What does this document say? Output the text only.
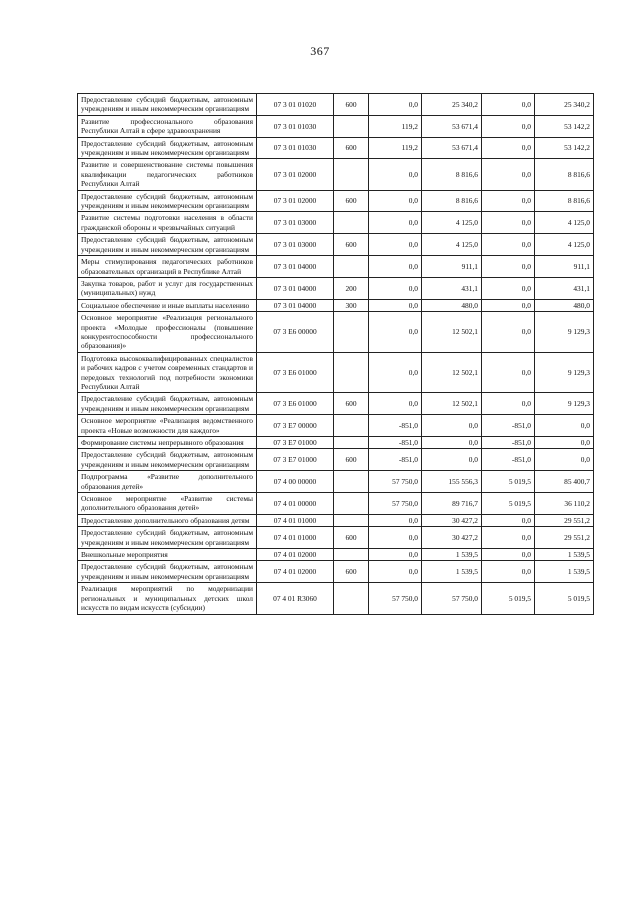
367
Предоставление субсидий бюджетным, автономным учреждениям и иным некоммерческим организациям	07 3 01 01020	600	0,0	25 340,2	0,0	25 340,2
Развитие профессионального образования Республики Алтай в сфере здравоохранения	07 3 01 01030		119,2	53 671,4	0,0	53 142,2
Предоставление субсидий бюджетным, автономным учреждениям и иным некоммерческим организациям	07 3 01 01030	600	119,2	53 671,4	0,0	53 142,2
Развитие и совершенствование системы повышения квалификации педагогических работников Республики Алтай	07 3 01 02000		0,0	8 816,6	0,0	8 816,6
Предоставление субсидий бюджетным, автономным учреждениям и иным некоммерческим организациям	07 3 01 02000	600	0,0	8 816,6	0,0	8 816,6
Развитие системы подготовки населения в области гражданской обороны и чрезвычайных ситуаций	07 3 01 03000		0,0	4 125,0	0,0	4 125,0
Предоставление субсидий бюджетным, автономным учреждениям и иным некоммерческим организациям	07 3 01 03000	600	0,0	4 125,0	0,0	4 125,0
Меры стимулирования педагогических работников образовательных организаций в Республике Алтай	07 3 01 04000		0,0	911,1	0,0	911,1
Закупка товаров, работ и услуг для государственных (муниципальных) нужд	07 3 01 04000	200	0,0	431,1	0,0	431,1
Социальное обеспечение и иные выплаты населению	07 3 01 04000	300	0,0	480,0	0,0	480,0
Основное мероприятие «Реализация регионального проекта «Молодые профессионалы (повышение конкурентоспособности профессионального образования)»	07 3 E6 00000		0,0	12 502,1	0,0	9 129,3
Подготовка высококвалифицированных специалистов и рабочих кадров с учетом современных стандартов и передовых технологий под потребности экономики Республики Алтай	07 3 E6 01000		0,0	12 502,1	0,0	9 129,3
Предоставление субсидий бюджетным, автономным учреждениям и иным некоммерческим организациям	07 3 E6 01000	600	0,0	12 502,1	0,0	9 129,3
Основное мероприятие «Реализация ведомственного проекта «Новые возможности для каждого»	07 3 E7 00000		-851,0	0,0	-851,0	0,0
Формирование системы непрерывного образования	07 3 E7 01000		-851,0	0,0	-851,0	0,0
Предоставление субсидий бюджетным, автономным учреждениям и иным некоммерческим организациям	07 3 E7 01000	600	-851,0	0,0	-851,0	0,0
Подпрограмма «Развитие дополнительного образования детей»	07 4 00 00000		57 750,0	155 556,3	5 019,5	85 400,7
Основное мероприятие «Развитие системы дополнительного образования детей»	07 4 01 00000		57 750,0	89 716,7	5 019,5	36 110,2
Предоставление дополнительного образования детям	07 4 01 01000		0,0	30 427,2	0,0	29 551,2
Предоставление субсидий бюджетным, автономным учреждениям и иным некоммерческим организациям	07 4 01 01000	600	0,0	30 427,2	0,0	29 551,2
Внешкольные мероприятия	07 4 01 02000		0,0	1 539,5	0,0	1 539,5
Предоставление субсидий бюджетным, автономным учреждениям и иным некоммерческим организациям	07 4 01 02000	600	0,0	1 539,5	0,0	1 539,5
Реализация мероприятий по модернизации региональных и муниципальных детских школ искусств по видам искусств (субсидии)	07 4 01 R3060		57 750,0	57 750,0	5 019,5	5 019,5
